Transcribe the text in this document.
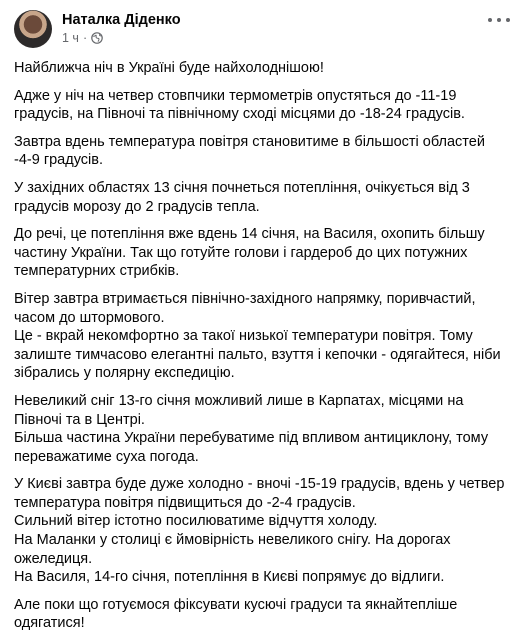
Наталка Діденко
1 ч ·
Найближча ніч в Україні буде найхолоднішою!
Адже у ніч на четвер стовпчики термометрів опустяться до -11-19 градусів, на Півночі та північному сході місцями до -18-24 градусів.
Завтра вдень температура повітря становитиме в більшості областей -4-9 градусів.
У західних областях 13 січня почнеться потепління, очікується від 3 градусів морозу до 2 градусів тепла.
До речі, це потепління вже вдень 14 січня, на Василя, охопить більшу частину України. Так що готуйте голови і гардероб до цих потужних температурних стрибків.
Вітер завтра втримається північно-західного напрямку, поривчастий, часом до штормового.
Це - вкрай некомфортно за такої низької температури повітря. Тому залиште тимчасово елегантні пальто, взуття і кепочки - одягайтеся, ніби зібрались у полярну експедицію.
Невеликий сніг 13-го січня можливий лише в Карпатах, місцями на Півночі та в Центрі.
Більша частина України перебуватиме під впливом антициклону, тому переважатиме суха погода.
У Києві завтра буде дуже холодно - вночі -15-19 градусів, вдень у четвер температура повітря підвищиться до -2-4 градусів.
Сильний вітер істотно посилюватиме відчуття холоду.
На Маланки у столиці є ймовірність невеликого снігу. На дорогах ожеледиця.
На Василя, 14-го січня, потепління в Києві попрямує до відлиги.
Але поки що готуємося фіксувати кусючі градуси та якнайтепліше одягатися!
